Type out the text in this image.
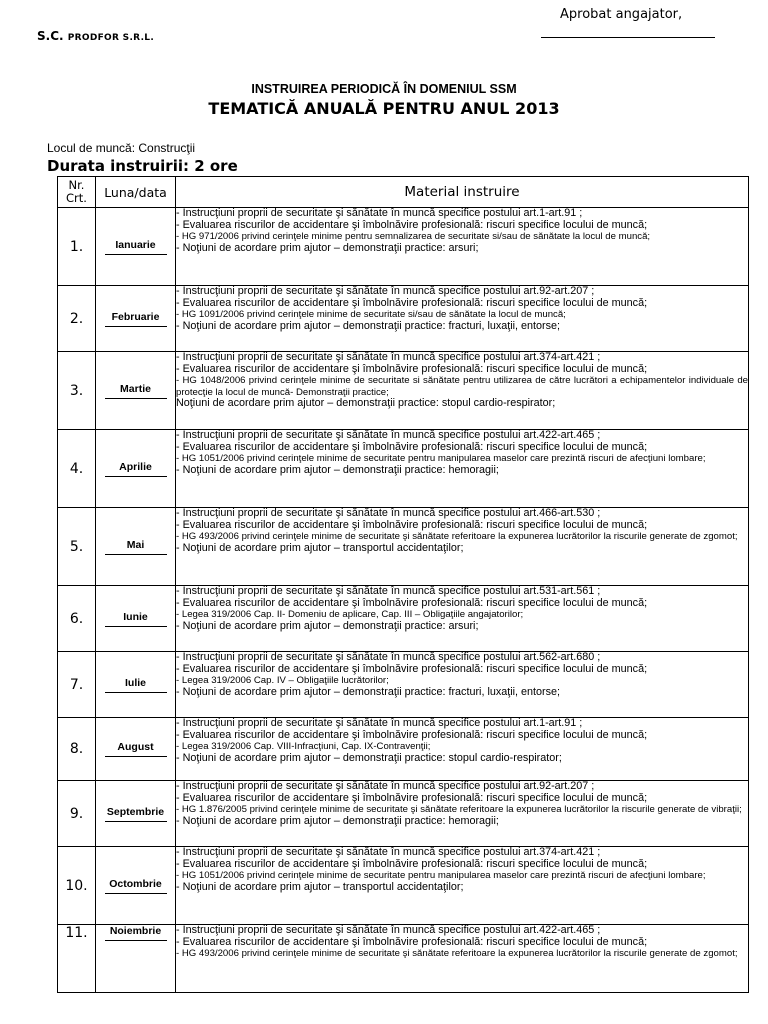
Aprobat angajator,
S.C. PRODFOR S.R.L.
INSTRUIREA PERIODICĂ ÎN DOMENIUL SSM
TEMATICĂ ANUALĂ PENTRU ANUL 2013
Locul de muncă: Construcţii
Durata instruirii: 2 ore
Nr. Crt.	Luna/data	Material instruire
1.	Ianuarie	- Instrucţiuni proprii de securitate şi sănătate în muncă specifice postului art.1-art.91 ;
- Evaluarea riscurilor de accidentare şi îmbolnăvire profesională: riscuri specifice locului de muncă;
- HG 971/2006 privind cerinţele minime pentru semnalizarea de securitate si/sau de sănătate la locul de muncă;
- Noţiuni de acordare prim ajutor – demonstraţii practice: arsuri;

2.	Februarie	- Instrucţiuni proprii de securitate şi sănătate în muncă specifice postului art.92-art.207 ;
- Evaluarea riscurilor de accidentare şi îmbolnăvire profesională: riscuri specifice locului de muncă;
- HG 1091/2006 privind cerinţele minime de securitate si/sau de sănătate la locul de muncă;
- Noţiuni de acordare prim ajutor – demonstraţii practice: fracturi, luxaţii, entorse;

3.	Martie	- Instrucţiuni proprii de securitate şi sănătate în muncă specifice postului art.374-art.421 ;
- Evaluarea riscurilor de accidentare şi îmbolnăvire profesională: riscuri specifice locului de muncă;
- HG 1048/2006 privind cerinţele minime de securitate si sănătate pentru utilizarea de către lucrători a echipamentelor individuale de protecţie la locul de muncă- Demonstraţii practice;
Noţiuni de acordare prim ajutor – demonstraţii practice: stopul cardio-respirator;

4.	Aprilie	- Instrucţiuni proprii de securitate şi sănătate în muncă specifice postului art.422-art.465 ;
- Evaluarea riscurilor de accidentare şi îmbolnăvire profesională: riscuri specifice locului de muncă;
- HG 1051/2006 privind cerinţele minime de securitate pentru manipularea maselor care prezintă riscuri de afecţiuni lombare;
- Noţiuni de acordare prim ajutor – demonstraţii practice: hemoragii;

5.	Mai	- Instrucţiuni proprii de securitate şi sănătate în muncă specifice postului art.466-art.530 ;
- Evaluarea riscurilor de accidentare şi îmbolnăvire profesională: riscuri specifice locului de muncă;
- HG 493/2006 privind cerinţele minime de securitate şi sănătate referitoare la expunerea lucrătorilor la riscurile generate de zgomot;
- Noţiuni de acordare prim ajutor – transportul accidentaţilor;

6.	Iunie	- Instrucţiuni proprii de securitate şi sănătate în muncă specifice postului art.531-art.561 ;
- Evaluarea riscurilor de accidentare şi îmbolnăvire profesională: riscuri specifice locului de muncă;
- Legea 319/2006 Cap. II- Domeniu de aplicare, Cap. III – Obligaţiile angajatorilor;
- Noţiuni de acordare prim ajutor – demonstraţii practice: arsuri;

7.	Iulie	- Instrucţiuni proprii de securitate şi sănătate în muncă specifice postului art.562-art.680 ;
- Evaluarea riscurilor de accidentare şi îmbolnăvire profesională: riscuri specifice locului de muncă;
- Legea 319/2006 Cap. IV – Obligaţiile lucrătorilor;
- Noţiuni de acordare prim ajutor – demonstraţii practice: fracturi, luxaţii, entorse;

8.	August	- Instrucţiuni proprii de securitate şi sănătate în muncă specifice postului art.1-art.91 ;
- Evaluarea riscurilor de accidentare şi îmbolnăvire profesională: riscuri specifice locului de muncă;
- Legea 319/2006 Cap. VIII-Infracţiuni, Cap. IX-Contravenţii;
- Noţiuni de acordare prim ajutor – demonstraţii practice: stopul cardio-respirator;

9.	Septembrie	- Instrucţiuni proprii de securitate şi sănătate în muncă specifice postului art.92-art.207 ;
- Evaluarea riscurilor de accidentare şi îmbolnăvire profesională: riscuri specifice locului de muncă;
- HG 1.876/2005 privind cerinţele minime de securitate şi sănătate referitoare la expunerea lucrătorilor la riscurile generate de vibraţii;
- Noţiuni de acordare prim ajutor – demonstraţii practice: hemoragii;

10.	Octombrie	- Instrucţiuni proprii de securitate şi sănătate în muncă specifice postului art.374-art.421 ;
- Evaluarea riscurilor de accidentare şi îmbolnăvire profesională: riscuri specifice locului de muncă;
- HG 1051/2006 privind cerinţele minime de securitate pentru manipularea maselor care prezintă riscuri de afecţiuni lombare;
- Noţiuni de acordare prim ajutor – transportul accidentaţilor;

11.	Noiembrie	- Instrucţiuni proprii de securitate şi sănătate în muncă specifice postului art.422-art.465 ;
- Evaluarea riscurilor de accidentare şi îmbolnăvire profesională: riscuri specifice locului de muncă;
- HG 493/2006 privind cerinţele minime de securitate şi sănătate referitoare la expunerea lucrătorilor la riscurile generate de zgomot;
